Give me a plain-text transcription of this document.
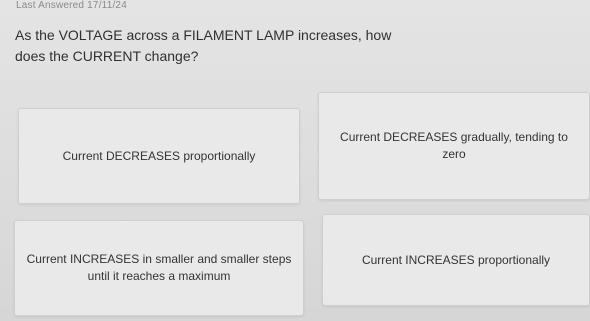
Last Answered 17/11/24
As the VOLTAGE across a FILAMENT LAMP increases, how does the CURRENT change?
Current DECREASES proportionally
Current DECREASES gradually, tending to zero
Current INCREASES in smaller and smaller steps until it reaches a maximum
Current INCREASES proportionally
